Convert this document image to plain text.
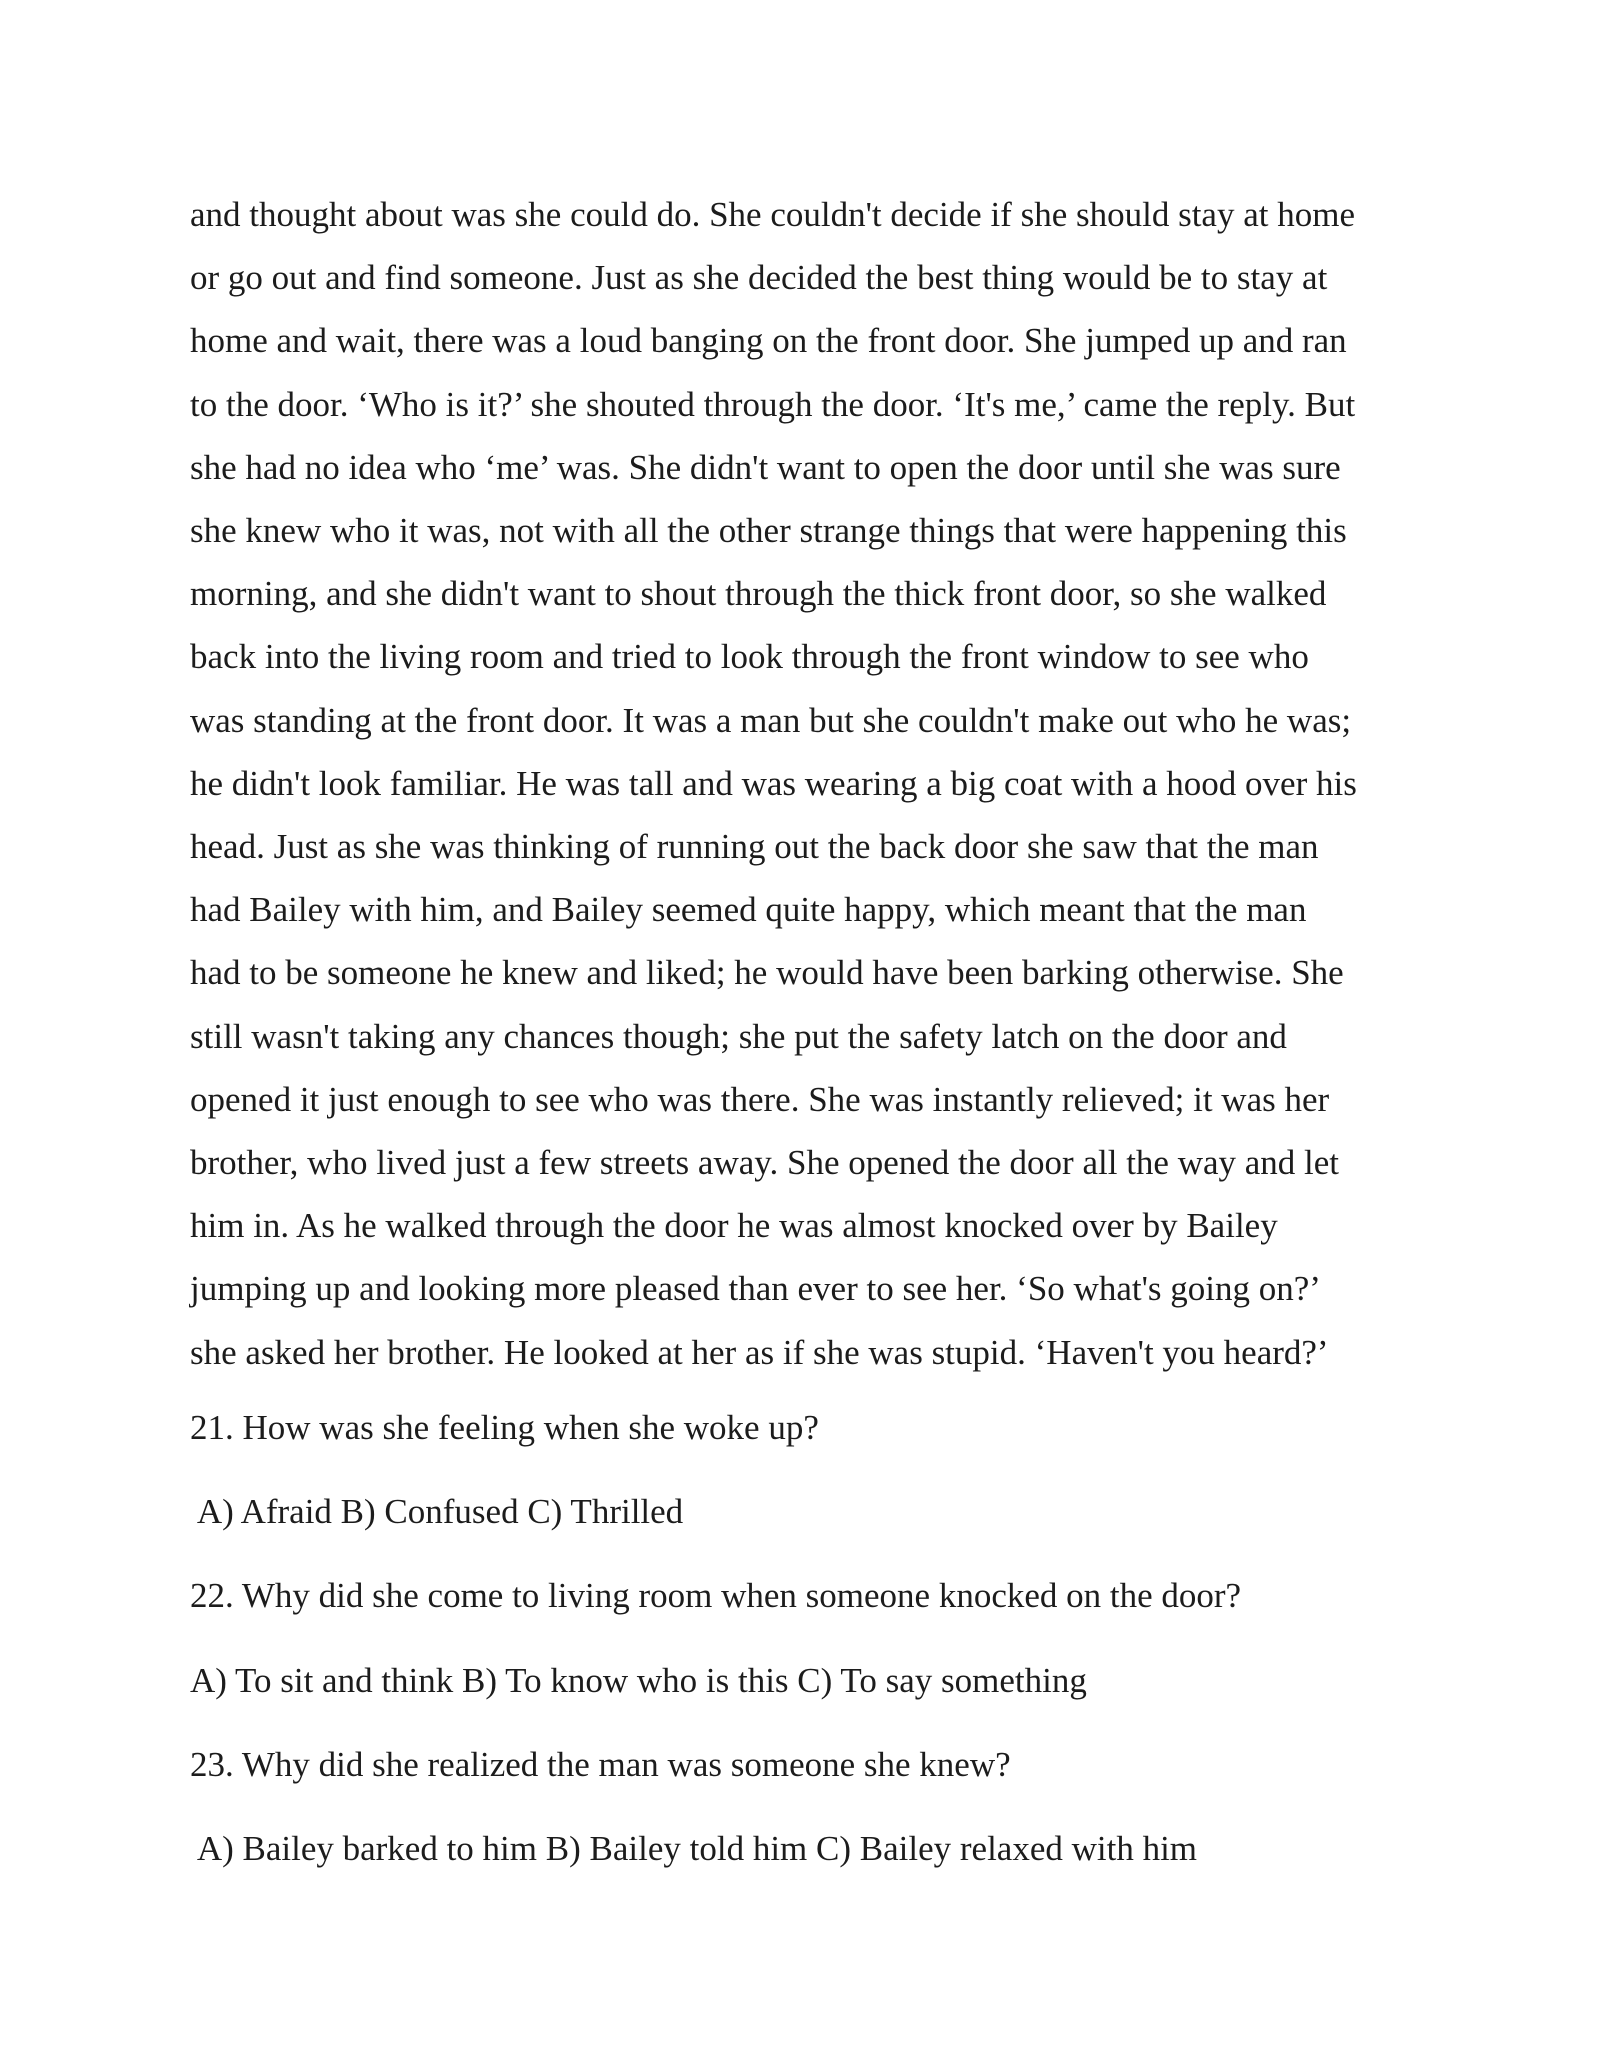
and thought about was she could do. She couldn't decide if she should stay at home
or go out and find someone. Just as she decided the best thing would be to stay at
home and wait, there was a loud banging on the front door. She jumped up and ran
to the door. ‘Who is it?’ she shouted through the door. ‘It's me,’ came the reply. But
she had no idea who ‘me’ was. She didn't want to open the door until she was sure
she knew who it was, not with all the other strange things that were happening this
morning, and she didn't want to shout through the thick front door, so she walked
back into the living room and tried to look through the front window to see who
was standing at the front door. It was a man but she couldn't make out who he was;
he didn't look familiar. He was tall and was wearing a big coat with a hood over his
head. Just as she was thinking of running out the back door she saw that the man
had Bailey with him, and Bailey seemed quite happy, which meant that the man
had to be someone he knew and liked; he would have been barking otherwise. She
still wasn't taking any chances though; she put the safety latch on the door and
opened it just enough to see who was there. She was instantly relieved; it was her
brother, who lived just a few streets away. She opened the door all the way and let
him in. As he walked through the door he was almost knocked over by Bailey
jumping up and looking more pleased than ever to see her. ‘So what's going on?’
she asked her brother. He looked at her as if she was stupid. ‘Haven't you heard?’
21. How was she feeling when she woke up?
A) Afraid B) Confused C) Thrilled
22. Why did she come to living room when someone knocked on the door?
A) To sit and think B) To know who is this C) To say something
23. Why did she realized the man was someone she knew?
A) Bailey barked to him B) Bailey told him C) Bailey relaxed with him
